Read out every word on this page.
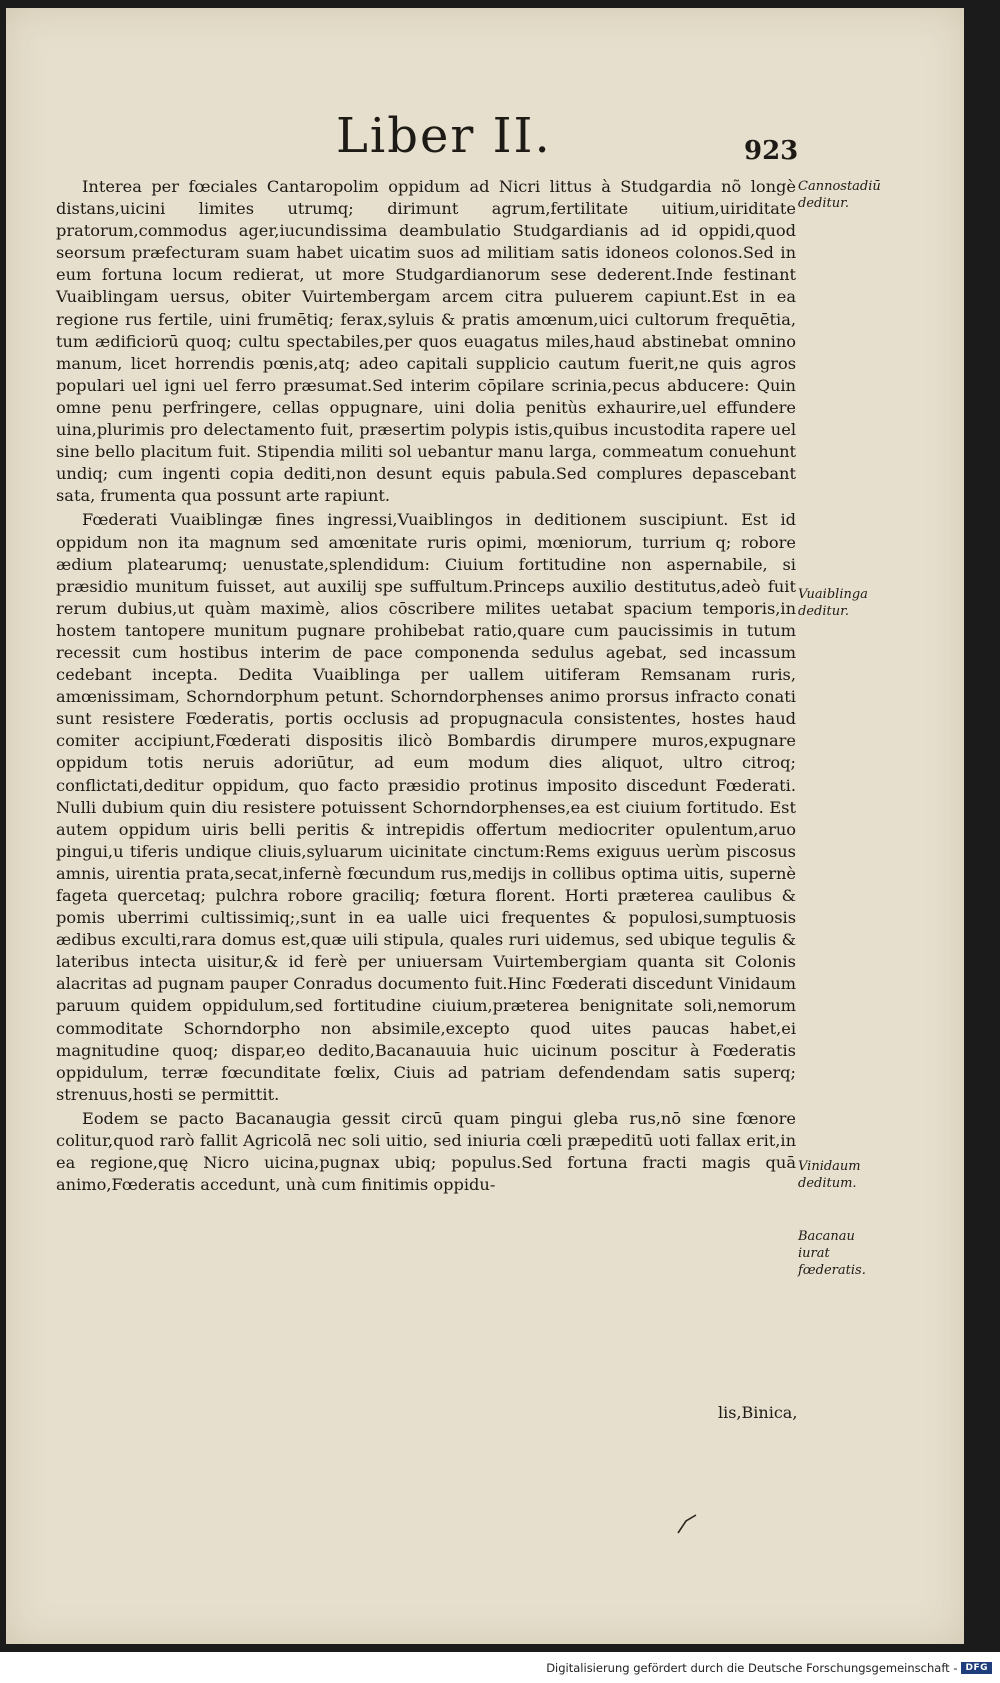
Liber II.	923

Interea per fœciales Cantaropolim oppidum ad Nicri littus à Studgardia nõ longè distans,uicini limites utrumq; dirimunt agrum,fertilitate uitium,uiriditate pratorum,commodus ager,iucundissima deambulatio Studgardianis ad id oppidi,quod seorsum præfecturam suam habet uicatim suos ad militiam satis idoneos colonos.Sed in eum fortuna locum redierat, ut more Studgardianorum sese dederent.Inde festinant Vuaiblingam uersus, obiter Vuirtembergam arcem citra puluerem capiunt.Est in ea regione rus fertile, uini frumētiq; ferax,syluis & pratis amœnum,uici cultorum frequētia, tum ædificiorū quoq; cultu spectabiles,per quos euagatus miles,haud abstinebat omnino manum, licet horrendis pœnis,atq; adeo capitali supplicio cautum fuerit,ne quis agros populari uel igni uel ferro præsumat.Sed interim cōpilare scrinia,pecus abducere: Quin omne penu perfringere, cellas oppugnare, uini dolia penitùs exhaurire,uel effundere uina,plurimis pro delectamento fuit, præsertim polypis istis,quibus incustodita rapere uel sine bello placitum fuit. Stipendia militi sol uebantur manu larga, commeatum conuehunt undiq; cum ingenti copia dediti,non desunt equis pabula.Sed complures depascebant sata, frumenta qua possunt arte rapiunt.

Fœderati Vuaiblingæ fines ingressi,Vuaiblingos in deditionem suscipiunt. Est id oppidum non ita magnum sed amœnitate ruris opimi, mœniorum, turrium q; robore ædium platearumq; uenustate,splendidum: Ciuium fortitudine non aspernabile, si præsidio munitum fuisset, aut auxilij spe suffultum.Princeps auxilio destitutus,adeò fuit rerum dubius,ut quàm maximè, alios cōscribere milites uetabat spacium temporis,in hostem tantopere munitum pugnare prohibebat ratio,quare cum paucissimis in tutum recessit cum hostibus interim de pace componenda sedulus agebat, sed incassum cedebant incepta. Dedita Vuaiblinga per uallem uitiferam Remsanam ruris, amœnissimam, Schorndorphum petunt. Schorndorphenses animo prorsus infracto conati sunt resistere Fœderatis, portis occlusis ad propugnacula consistentes, hostes haud comiter accipiunt,Fœderati dispositis ilicò Bombardis dirumpere muros,expugnare oppidum totis neruis adoriūtur, ad eum modum dies aliquot, ultro citroq; conflictati,deditur oppidum, quo facto præsidio protinus imposito discedunt Fœderati. Nulli dubium quin diu resistere potuissent Schorndorphenses,ea est ciuium fortitudo. Est autem oppidum uiris belli peritis & intrepidis offertum mediocriter opulentum,aruo pingui,u tiferis undique cliuis,syluarum uicinitate cinctum:Rems exiguus uerùm piscosus amnis, uirentia prata,secat,infernè fœcundum rus,medijs in collibus optima uitis, supernè fageta quercetaq; pulchra robore graciliq; fœtura florent. Horti præterea caulibus & pomis uberrimi cultissimiq;,sunt in ea ualle uici frequentes & populosi,sumptuosis ædibus exculti,rara domus est,quæ uili stipula, quales ruri uidemus, sed ubique tegulis & lateribus intecta uisitur,& id ferè per uniuersam Vuirtembergiam quanta sit Colonis alacritas ad pugnam pauper Conradus documento fuit.Hinc Fœderati discedunt Vinidaum paruum quidem oppidulum,sed fortitudine ciuium,præterea benignitate soli,nemorum commoditate Schorndorpho non absimile,excepto quod uites paucas habet,ei magnitudine quoq; dispar,eo dedito,Bacanauuia huic uicinum poscitur à Fœderatis oppidulum, terræ fœcunditate fœlix, Ciuis ad patriam defendendam satis superq; strenuus,hosti se permittit.

Eodem se pacto Bacanaugia gessit circū quam pingui gleba rus,nō sine fœnore colitur,quod rarò fallit Agricolā nec soli uitio, sed iniuria cœli præpeditū uoti fallax erit,in ea regione,quę Nicro uicina,pugnax ubiq; populus.Sed fortuna fracti magis quā animo,Fœderatis accedunt, unà cum finitimis oppidu-

lis,Binica,
Cannostadiū deditur.
Vuaiblinga deditur.
Vinidaum deditum.
Bacanau iurat fœderatis.
Digitalisierung gefördert durch die Deutsche Forschungsgemeinschaft - DFG
